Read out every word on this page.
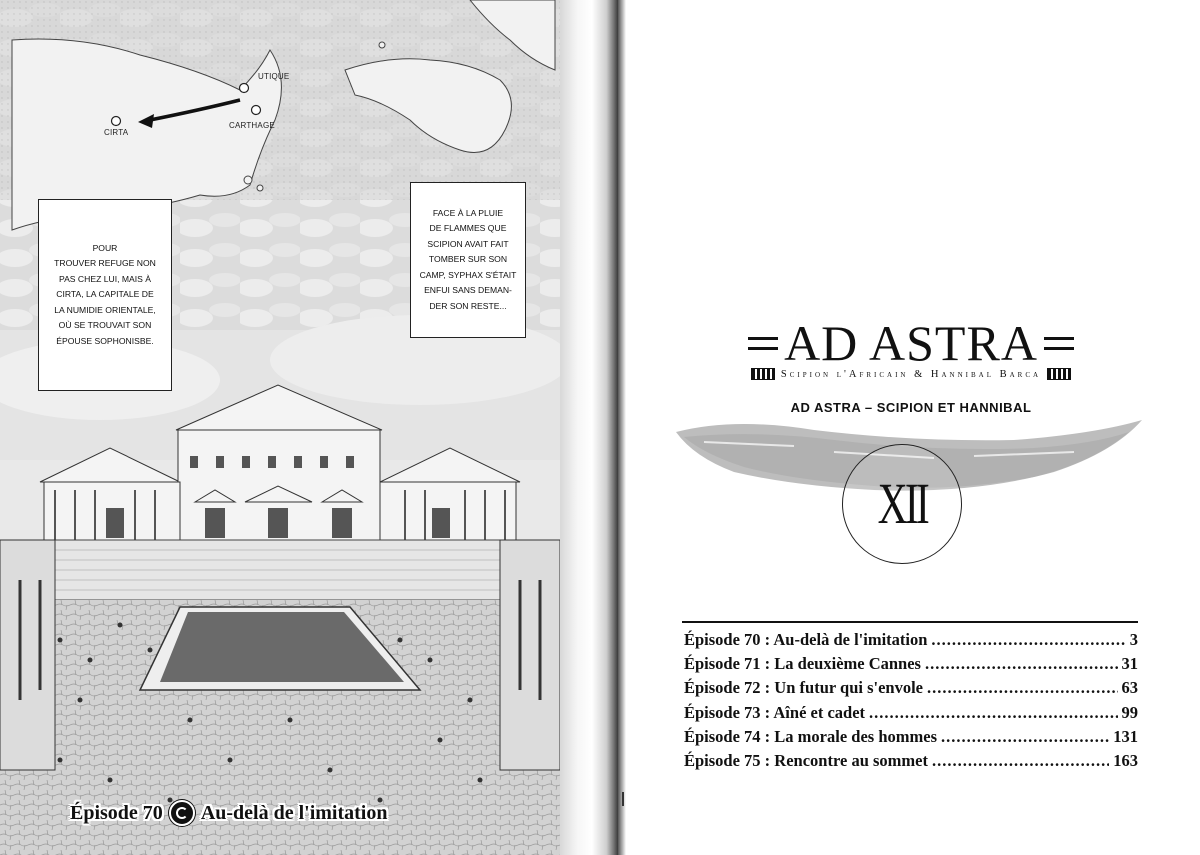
UTIQUE
CIRTA
CARTHAGE
POUR
TROUVER REFUGE NON
PAS CHEZ LUI, MAIS À
CIRTA, LA CAPITALE DE
LA NUMIDIE ORIENTALE,
OÙ SE TROUVAIT SON
ÉPOUSE SOPHONISBE.
FACE À LA PLUIE
DE FLAMMES QUE
SCIPION AVAIT FAIT
TOMBER SUR SON
CAMP, SYPHAX S'ÉTAIT
ENFUI SANS DEMAN-
DER SON RESTE...
Épisode 70 Au-delà de l'imitation
AD ASTRA
Scipion l'Africain & Hannibal Barca
AD ASTRA – SCIPION ET HANNIBAL
XII
Épisode 70 : Au-delà de l'imitation .....	3
Épisode 71 : La deuxième Cannes .....	31
Épisode 72 : Un futur qui s'envole .....	63
Épisode 73 : Aîné et cadet .....	99
Épisode 74 : La morale des hommes .....	131
Épisode 75 : Rencontre au sommet .....	163
